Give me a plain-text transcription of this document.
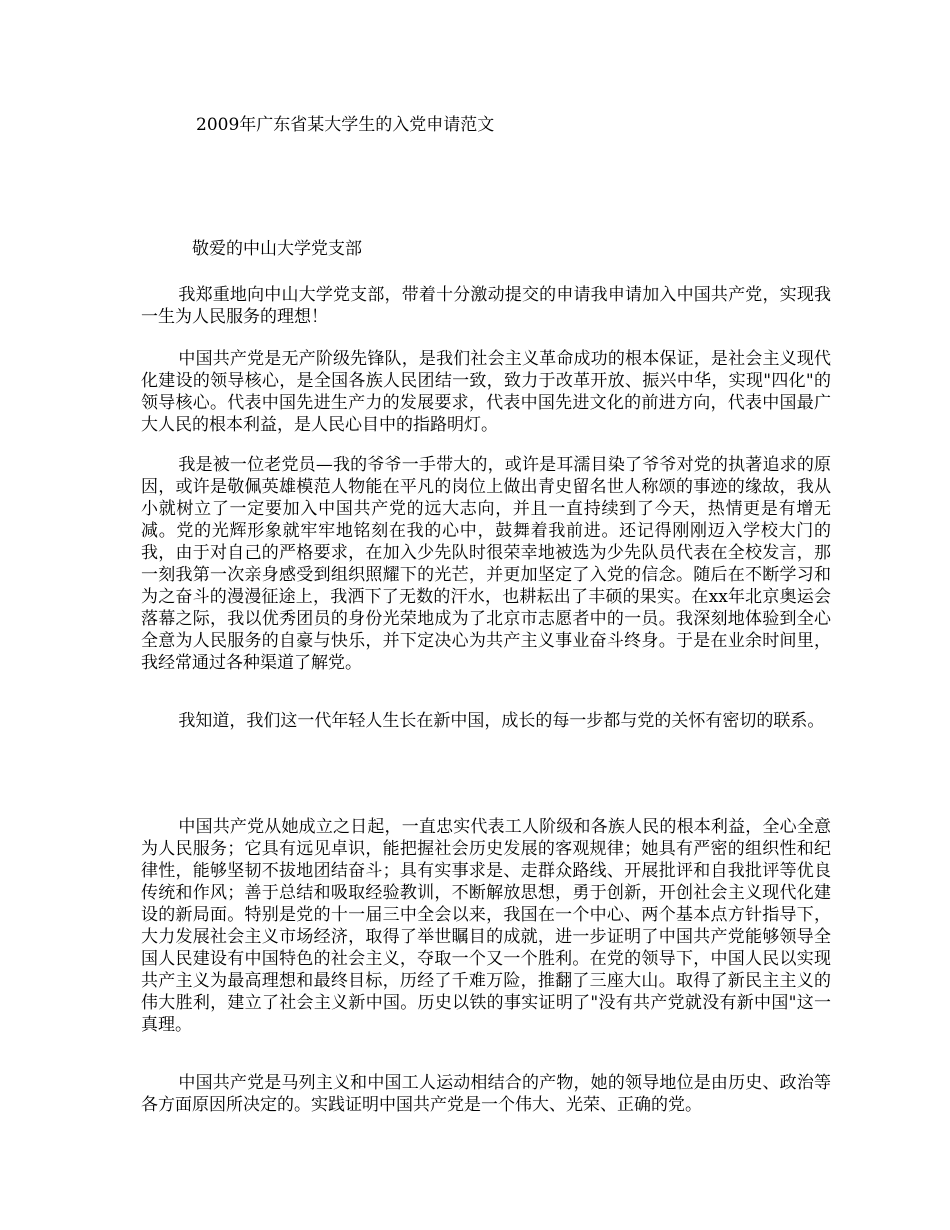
2009年广东省某大学生的入党申请范文
敬爱的中山大学党支部

我郑重地向中山大学党支部，带着十分激动提交的申请我申请加入中国共产党，实现我一生为人民服务的理想！

中国共产党是无产阶级先锋队，是我们社会主义革命成功的根本保证，是社会主义现代化建设的领导核心，是全国各族人民团结一致，致力于改革开放、振兴中华，实现"四化"的领导核心。代表中国先进生产力的发展要求，代表中国先进文化的前进方向，代表中国最广大人民的根本利益，是人民心目中的指路明灯。

我是被一位老党员—我的爷爷一手带大的，或许是耳濡目染了爷爷对党的执著追求的原因，或许是敬佩英雄模范人物能在平凡的岗位上做出青史留名世人称颂的事迹的缘故，我从小就树立了一定要加入中国共产党的远大志向，并且一直持续到了今天，热情更是有增无减。党的光辉形象就牢牢地铭刻在我的心中，鼓舞着我前进。还记得刚刚迈入学校大门的我，由于对自己的严格要求，在加入少先队时很荣幸地被选为少先队员代表在全校发言，那一刻我第一次亲身感受到组织照耀下的光芒，并更加坚定了入党的信念。随后在不断学习和为之奋斗的漫漫征途上，我洒下了无数的汗水，也耕耘出了丰硕的果实。在xx年北京奥运会落幕之际，我以优秀团员的身份光荣地成为了北京市志愿者中的一员。我深刻地体验到全心全意为人民服务的自豪与快乐，并下定决心为共产主义事业奋斗终身。于是在业余时间里，我经常通过各种渠道了解党。

我知道，我们这一代年轻人生长在新中国，成长的每一步都与党的关怀有密切的联系。

中国共产党从她成立之日起，一直忠实代表工人阶级和各族人民的根本利益，全心全意为人民服务；它具有远见卓识，能把握社会历史发展的客观规律；她具有严密的组织性和纪律性，能够坚韧不拔地团结奋斗；具有实事求是、走群众路线、开展批评和自我批评等优良传统和作风；善于总结和吸取经验教训，不断解放思想，勇于创新，开创社会主义现代化建设的新局面。特别是党的十一届三中全会以来，我国在一个中心、两个基本点方针指导下，大力发展社会主义市场经济，取得了举世瞩目的成就，进一步证明了中国共产党能够领导全国人民建设有中国特色的社会主义，夺取一个又一个胜利。在党的领导下，中国人民以实现共产主义为最高理想和最终目标，历经了千难万险，推翻了三座大山。取得了新民主主义的伟大胜利，建立了社会主义新中国。历史以铁的事实证明了"没有共产党就没有新中国"这一真理。

中国共产党是马列主义和中国工人运动相结合的产物，她的领导地位是由历史、政治等各方面原因所决定的。实践证明中国共产党是一个伟大、光荣、正确的党。
